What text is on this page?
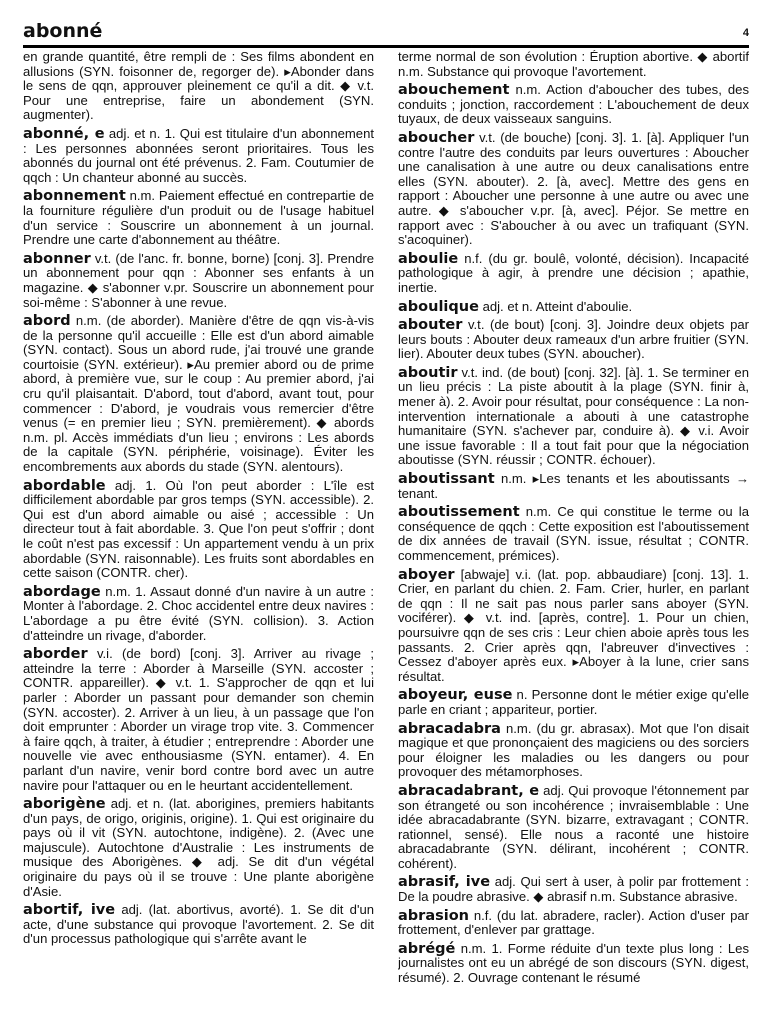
abonné	4

en grande quantité, être rempli de : Ses films abondent en allusions (SYN. foisonner de, regorger de). ▸Abonder dans le sens de qqn, approuver pleinement ce qu'il a dit. ◆ v.t. Pour une entreprise, faire un abondement (SYN. augmenter).

abonné, e adj. et n. 1. Qui est titulaire d'un abonnement : Les personnes abonnées seront prioritaires. Tous les abonnés du journal ont été prévenus. 2. Fam. Coutumier de qqch : Un chanteur abonné au succès.

abonnement n.m. Paiement effectué en contrepartie de la fourniture régulière d'un produit ou de l'usage habituel d'un service : Souscrire un abonnement à un journal. Prendre une carte d'abonnement au théâtre.

abonner v.t. (de l'anc. fr. bonne, borne) [conj. 3]. Prendre un abonnement pour qqn : Abonner ses enfants à un magazine. ◆ s'abonner v.pr. Souscrire un abonnement pour soi-même : S'abonner à une revue.

abord n.m. (de aborder). Manière d'être de qqn vis-à-vis de la personne qu'il accueille : Elle est d'un abord aimable (SYN. contact). Sous un abord rude, j'ai trouvé une grande courtoisie (SYN. extérieur). ▸Au premier abord ou de prime abord, à première vue, sur le coup : Au premier abord, j'ai cru qu'il plaisantait. D'abord, tout d'abord, avant tout, pour commencer : D'abord, je voudrais vous remercier d'être venus (= en premier lieu ; SYN. premièrement). ◆ abords n.m. pl. Accès immédiats d'un lieu ; environs : Les abords de la capitale (SYN. périphérie, voisinage). Éviter les encombrements aux abords du stade (SYN. alentours).

abordable adj. 1. Où l'on peut aborder : L'île est difficilement abordable par gros temps (SYN. accessible). 2. Qui est d'un abord aimable ou aisé ; accessible : Un directeur tout à fait abordable. 3. Que l'on peut s'offrir ; dont le coût n'est pas excessif : Un appartement vendu à un prix abordable (SYN. raisonnable). Les fruits sont abordables en cette saison (CONTR. cher).

abordage n.m. 1. Assaut donné d'un navire à un autre : Monter à l'abordage. 2. Choc accidentel entre deux navires : L'abordage a pu être évité (SYN. collision). 3. Action d'atteindre un rivage, d'aborder.

aborder v.i. (de bord) [conj. 3]. Arriver au rivage ; atteindre la terre : Aborder à Marseille (SYN. accoster ; CONTR. appareiller). ◆ v.t. 1. S'approcher de qqn et lui parler : Aborder un passant pour demander son chemin (SYN. accoster). 2. Arriver à un lieu, à un passage que l'on doit emprunter : Aborder un virage trop vite. 3. Commencer à faire qqch, à traiter, à étudier ; entreprendre : Aborder une nouvelle vie avec enthousiasme (SYN. entamer). 4. En parlant d'un navire, venir bord contre bord avec un autre navire pour l'attaquer ou en le heurtant accidentellement.

aborigène adj. et n. (lat. aborigines, premiers habitants d'un pays, de origo, originis, origine). 1. Qui est originaire du pays où il vit (SYN. autochtone, indigène). 2. (Avec une majuscule). Autochtone d'Australie : Les instruments de musique des Aborigènes. ◆ adj. Se dit d'un végétal originaire du pays où il se trouve : Une plante aborigène d'Asie.

abortif, ive adj. (lat. abortivus, avorté). 1. Se dit d'un acte, d'une substance qui provoque l'avortement. 2. Se dit d'un processus pathologique qui s'arrête avant le

terme normal de son évolution : Éruption abortive. ◆ abortif n.m. Substance qui provoque l'avortement.

abouchement n.m. Action d'aboucher des tubes, des conduits ; jonction, raccordement : L'abouchement de deux tuyaux, de deux vaisseaux sanguins.

aboucher v.t. (de bouche) [conj. 3]. 1. [à]. Appliquer l'un contre l'autre des conduits par leurs ouvertures : Aboucher une canalisation à une autre ou deux canalisations entre elles (SYN. abouter). 2. [à, avec]. Mettre des gens en rapport : Aboucher une personne à une autre ou avec une autre. ◆ s'aboucher v.pr. [à, avec]. Péjor. Se mettre en rapport avec : S'aboucher à ou avec un trafiquant (SYN. s'acoquiner).

aboulie n.f. (du gr. boulê, volonté, décision). Incapacité pathologique à agir, à prendre une décision ; apathie, inertie.

aboulique adj. et n. Atteint d'aboulie.

abouter v.t. (de bout) [conj. 3]. Joindre deux objets par leurs bouts : Abouter deux rameaux d'un arbre fruitier (SYN. lier). Abouter deux tubes (SYN. aboucher).

aboutir v.t. ind. (de bout) [conj. 32]. [à]. 1. Se terminer en un lieu précis : La piste aboutit à la plage (SYN. finir à, mener à). 2. Avoir pour résultat, pour conséquence : La non-intervention internationale a abouti à une catastrophe humanitaire (SYN. s'achever par, conduire à). ◆ v.i. Avoir une issue favorable : Il a tout fait pour que la négociation aboutisse (SYN. réussir ; CONTR. échouer).

aboutissant n.m. ▸Les tenants et les aboutissants → tenant.

aboutissement n.m. Ce qui constitue le terme ou la conséquence de qqch : Cette exposition est l'aboutissement de dix années de travail (SYN. issue, résultat ; CONTR. commencement, prémices).

aboyer [abwaje] v.i. (lat. pop. abbaudiare) [conj. 13]. 1. Crier, en parlant du chien. 2. Fam. Crier, hurler, en parlant de qqn : Il ne sait pas nous parler sans aboyer (SYN. vociférer). ◆ v.t. ind. [après, contre]. 1. Pour un chien, poursuivre qqn de ses cris : Leur chien aboie après tous les passants. 2. Crier après qqn, l'abreuver d'invectives : Cessez d'aboyer après eux. ▸Aboyer à la lune, crier sans résultat.

aboyeur, euse n. Personne dont le métier exige qu'elle parle en criant ; appariteur, portier.

abracadabra n.m. (du gr. abrasax). Mot que l'on disait magique et que prononçaient des magiciens ou des sorciers pour éloigner les maladies ou les dangers ou pour provoquer des métamorphoses.

abracadabrant, e adj. Qui provoque l'étonnement par son étrangeté ou son incohérence ; invraisemblable : Une idée abracadabrante (SYN. bizarre, extravagant ; CONTR. rationnel, sensé). Elle nous a raconté une histoire abracadabrante (SYN. délirant, incohérent ; CONTR. cohérent).

abrasif, ive adj. Qui sert à user, à polir par frottement : De la poudre abrasive. ◆ abrasif n.m. Substance abrasive.

abrasion n.f. (du lat. abradere, racler). Action d'user par frottement, d'enlever par grattage.

abrégé n.m. 1. Forme réduite d'un texte plus long : Les journalistes ont eu un abrégé de son discours (SYN. digest, résumé). 2. Ouvrage contenant le résumé
